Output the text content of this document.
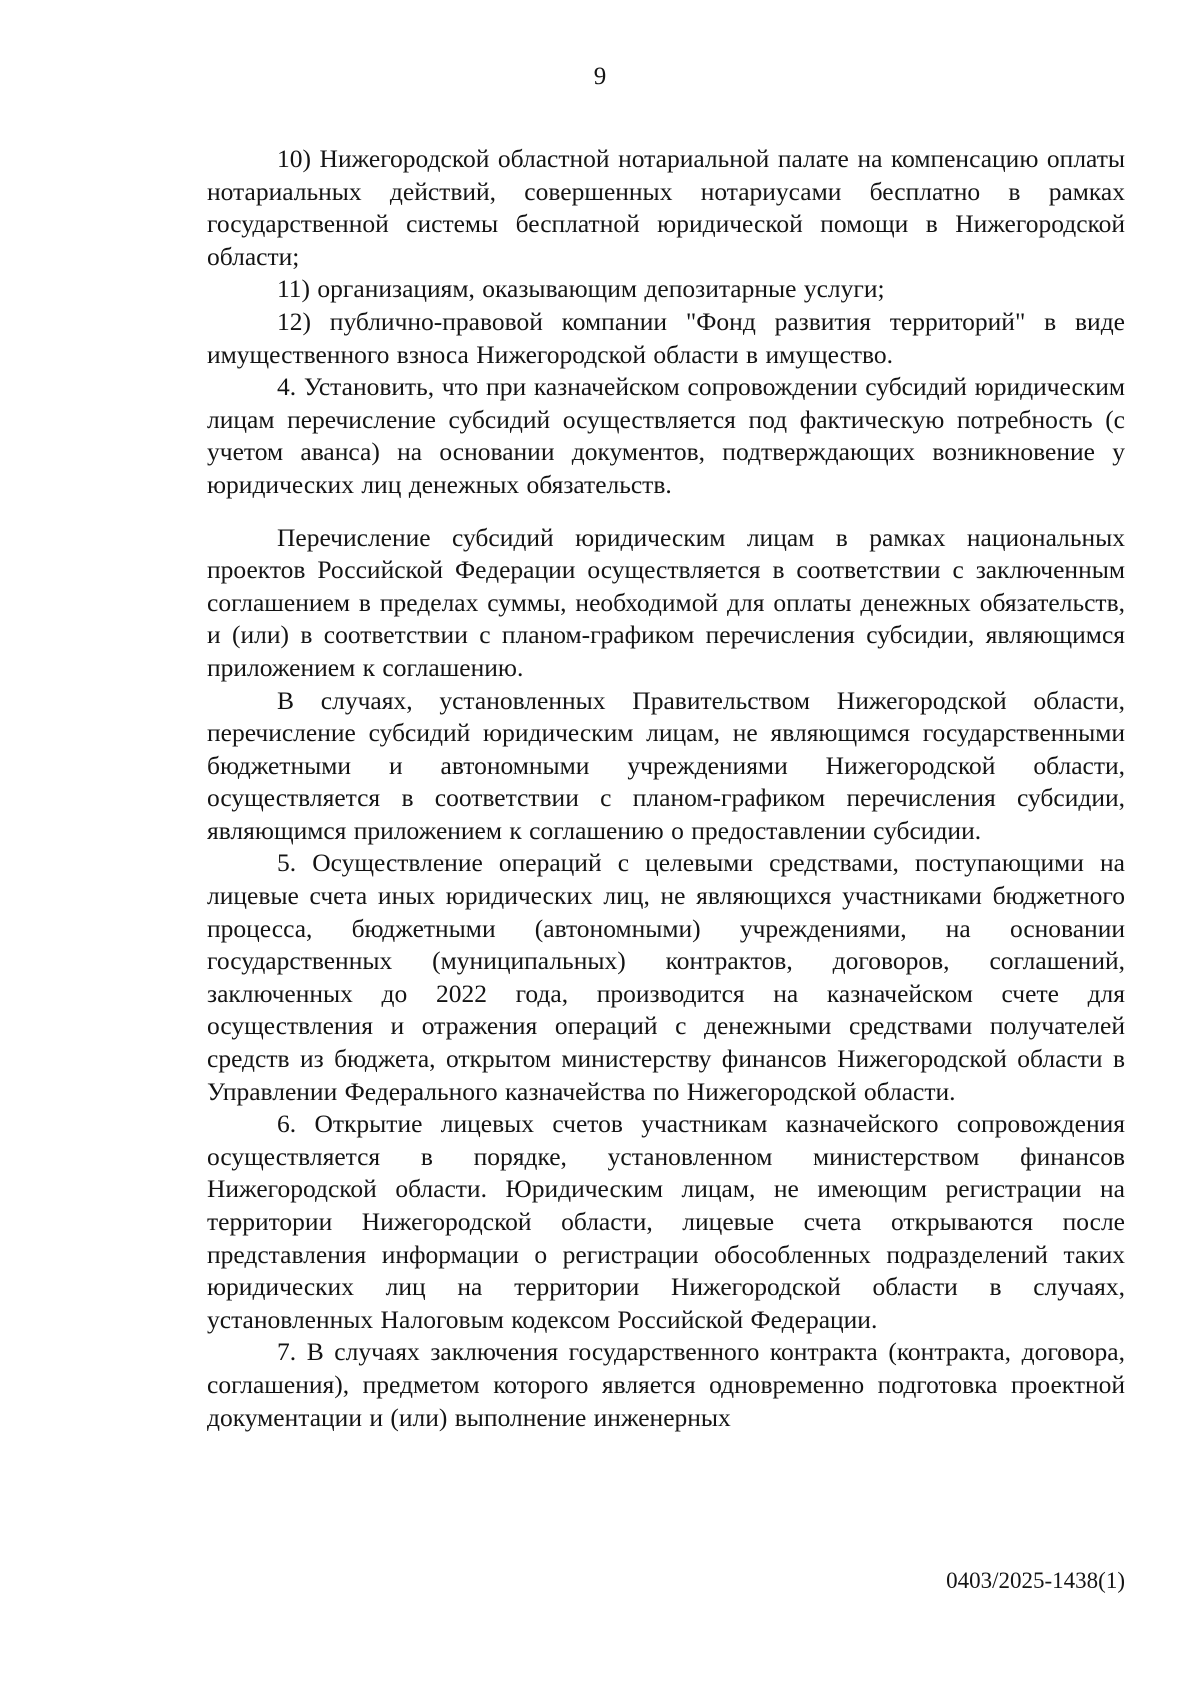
9

10) Нижегородской областной нотариальной палате на компенсацию оплаты нотариальных действий, совершенных нотариусами бесплатно в рамках государственной системы бесплатной юридической помощи в Нижегородской области;

11) организациям, оказывающим депозитарные услуги;

12) публично-правовой компании "Фонд развития территорий" в виде имущественного взноса Нижегородской области в имущество.

4. Установить, что при казначейском сопровождении субсидий юридическим лицам перечисление субсидий осуществляется под фактическую потребность (с учетом аванса) на основании документов, подтверждающих возникновение у юридических лиц денежных обязательств.

Перечисление субсидий юридическим лицам в рамках национальных проектов Российской Федерации осуществляется в соответствии с заключенным соглашением в пределах суммы, необходимой для оплаты денежных обязательств, и (или) в соответствии с планом-графиком перечисления субсидии, являющимся приложением к соглашению.

В случаях, установленных Правительством Нижегородской области, перечисление субсидий юридическим лицам, не являющимся государственными бюджетными и автономными учреждениями Нижегородской области, осуществляется в соответствии с планом-графиком перечисления субсидии, являющимся приложением к соглашению о предоставлении субсидии.

5. Осуществление операций с целевыми средствами, поступающими на лицевые счета иных юридических лиц, не являющихся участниками бюджетного процесса, бюджетными (автономными) учреждениями, на основании государственных (муниципальных) контрактов, договоров, соглашений, заключенных до 2022 года, производится на казначейском счете для осуществления и отражения операций с денежными средствами получателей средств из бюджета, открытом министерству финансов Нижегородской области в Управлении Федерального казначейства по Нижегородской области.

6. Открытие лицевых счетов участникам казначейского сопровождения осуществляется в порядке, установленном министерством финансов Нижегородской области. Юридическим лицам, не имеющим регистрации на территории Нижегородской области, лицевые счета открываются после представления информации о регистрации обособленных подразделений таких юридических лиц на территории Нижегородской области в случаях, установленных Налоговым кодексом Российской Федерации.

7. В случаях заключения государственного контракта (контракта, договора, соглашения), предметом которого является одновременно подготовка проектной документации и (или) выполнение инженерных

0403/2025-1438(1)
